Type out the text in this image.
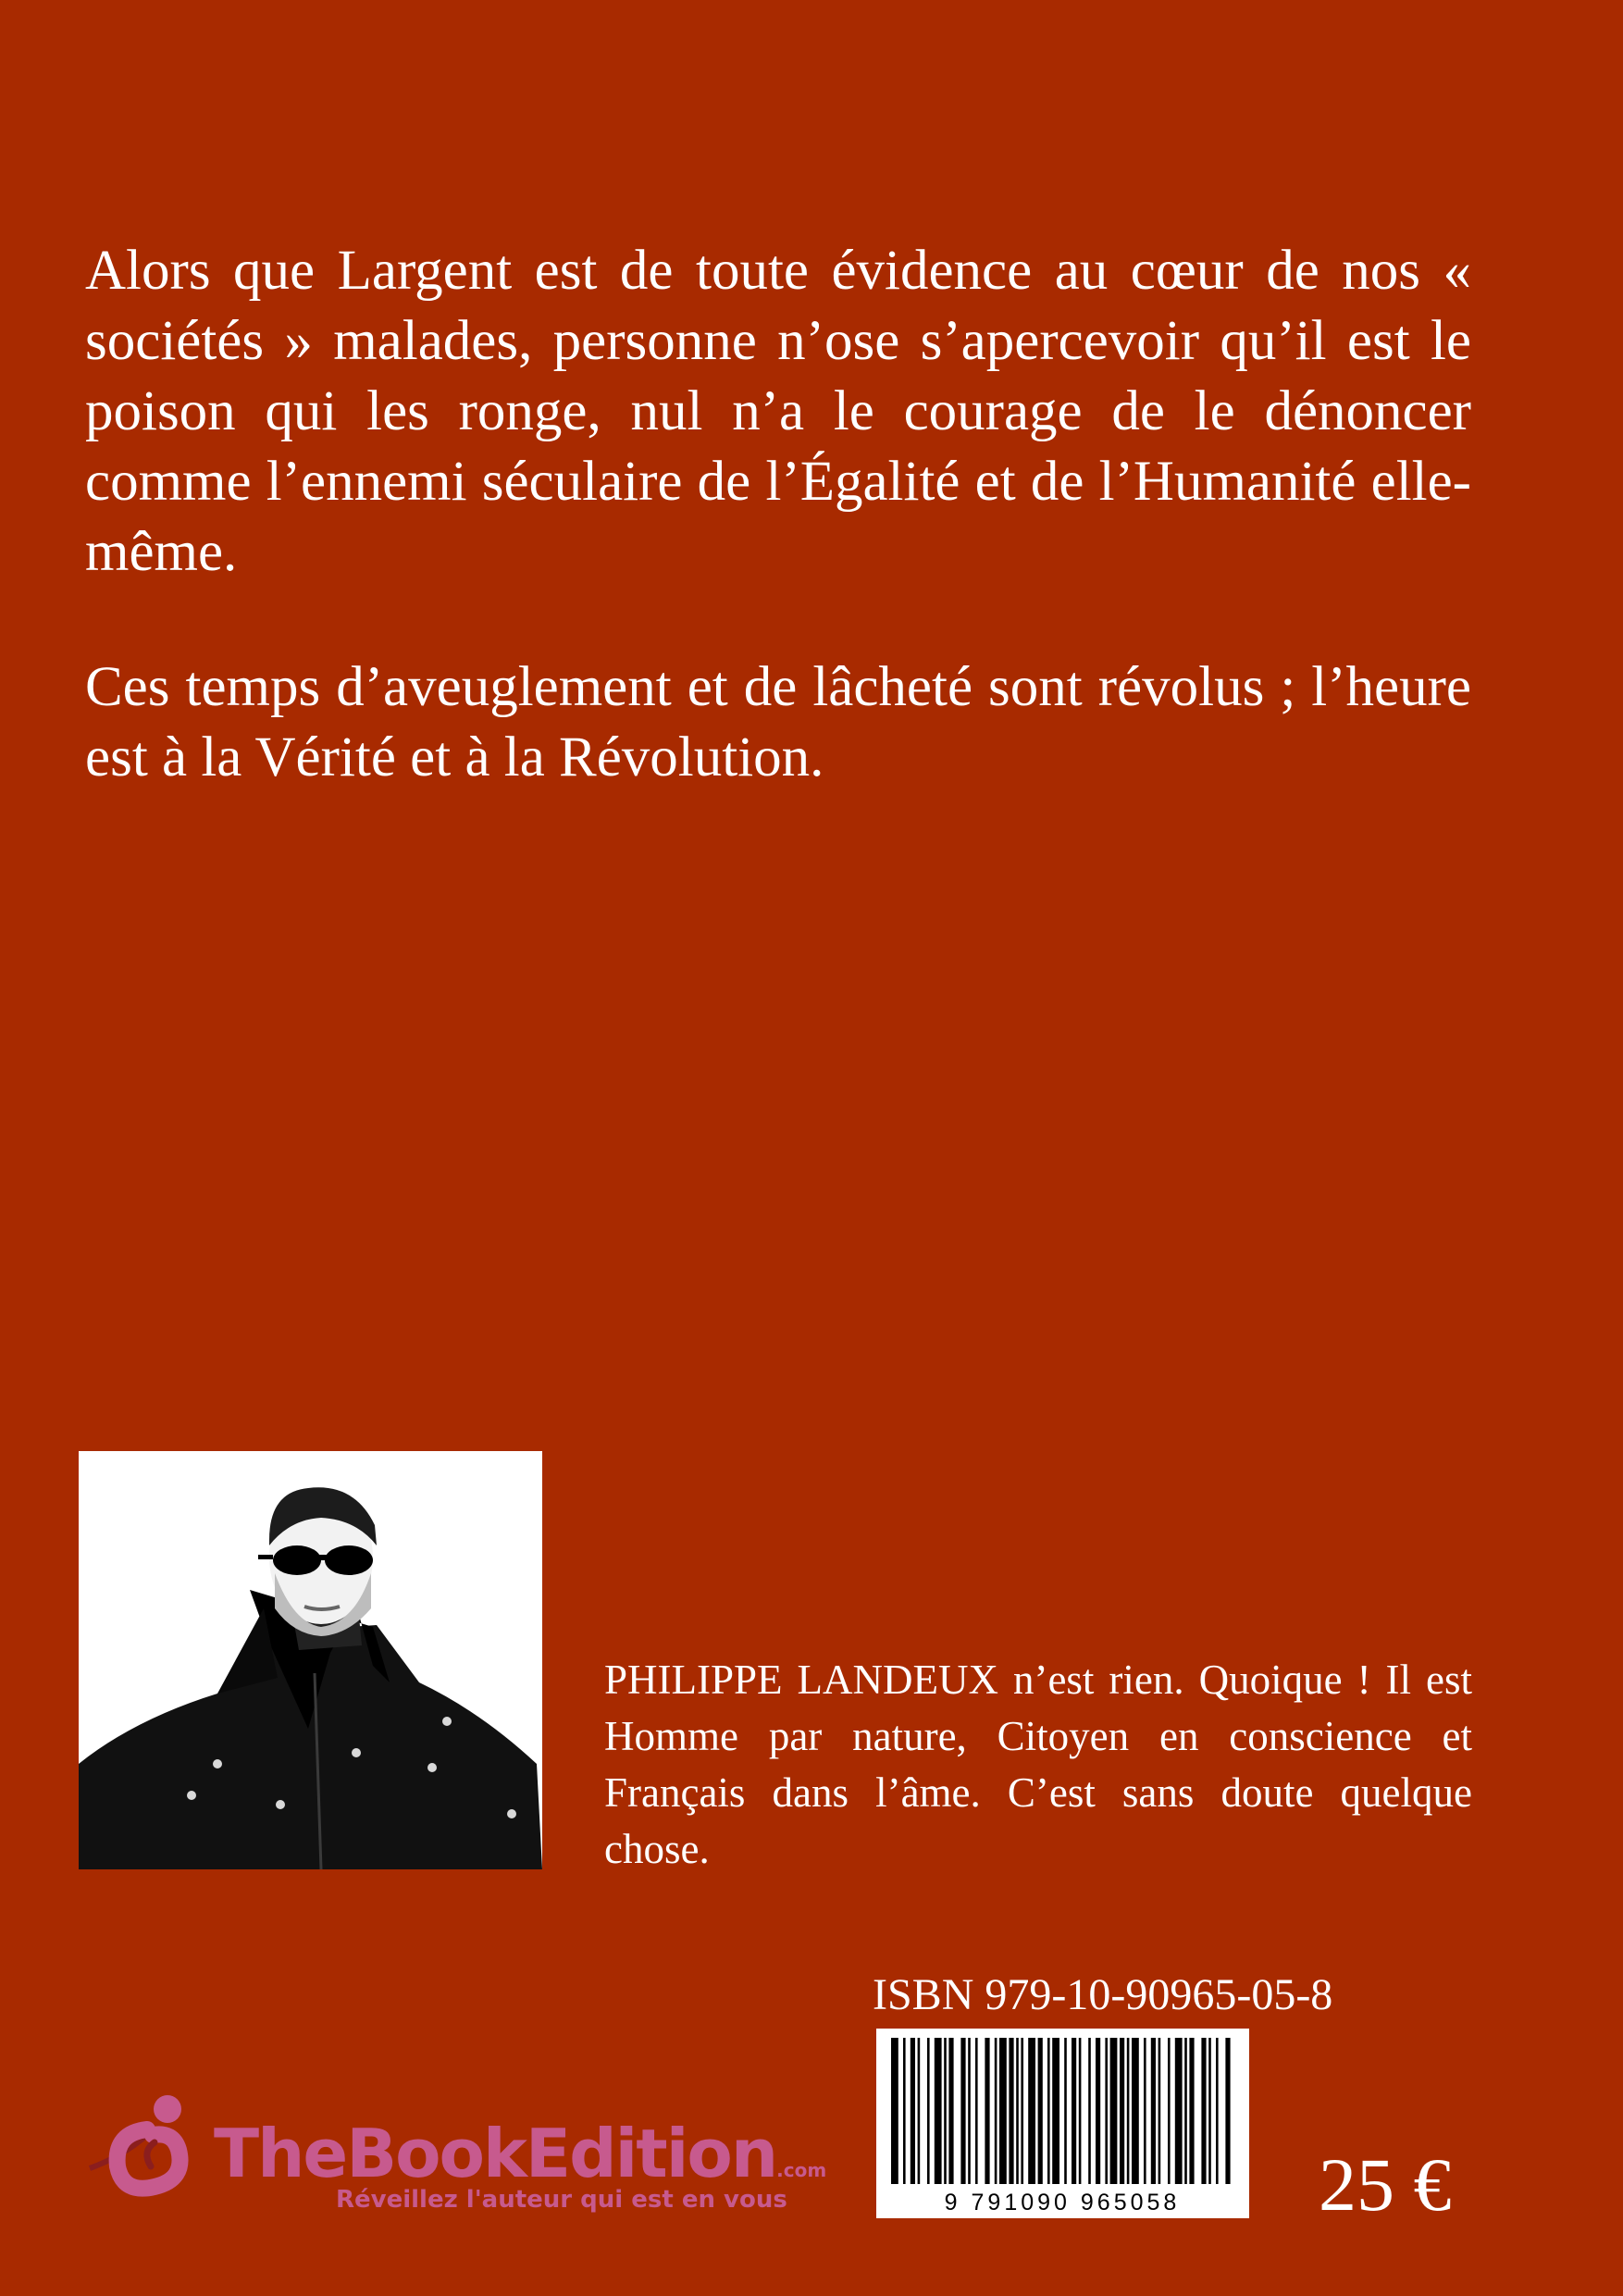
Alors que Largent est de toute évidence au cœur de nos « sociétés » malades, personne n’ose s’apercevoir qu’il est le poison qui les ronge, nul n’a le courage de le dénoncer comme l’ennemi séculaire de l’Égalité et de l’Humanité elle-même.

Ces temps d’aveuglement et de lâcheté sont révolus ; l’heure est à la Vérité et à la Révolution.

PHILIPPE LANDEUX n’est rien. Quoique ! Il est Homme par nature, Citoyen en conscience et Français dans l’âme. C’est sans doute quelque chose.

ISBN 979-10-90965-05-8
9 791090 965058 25 €
TheBookEdition.com
Réveillez l'auteur qui est en vous
